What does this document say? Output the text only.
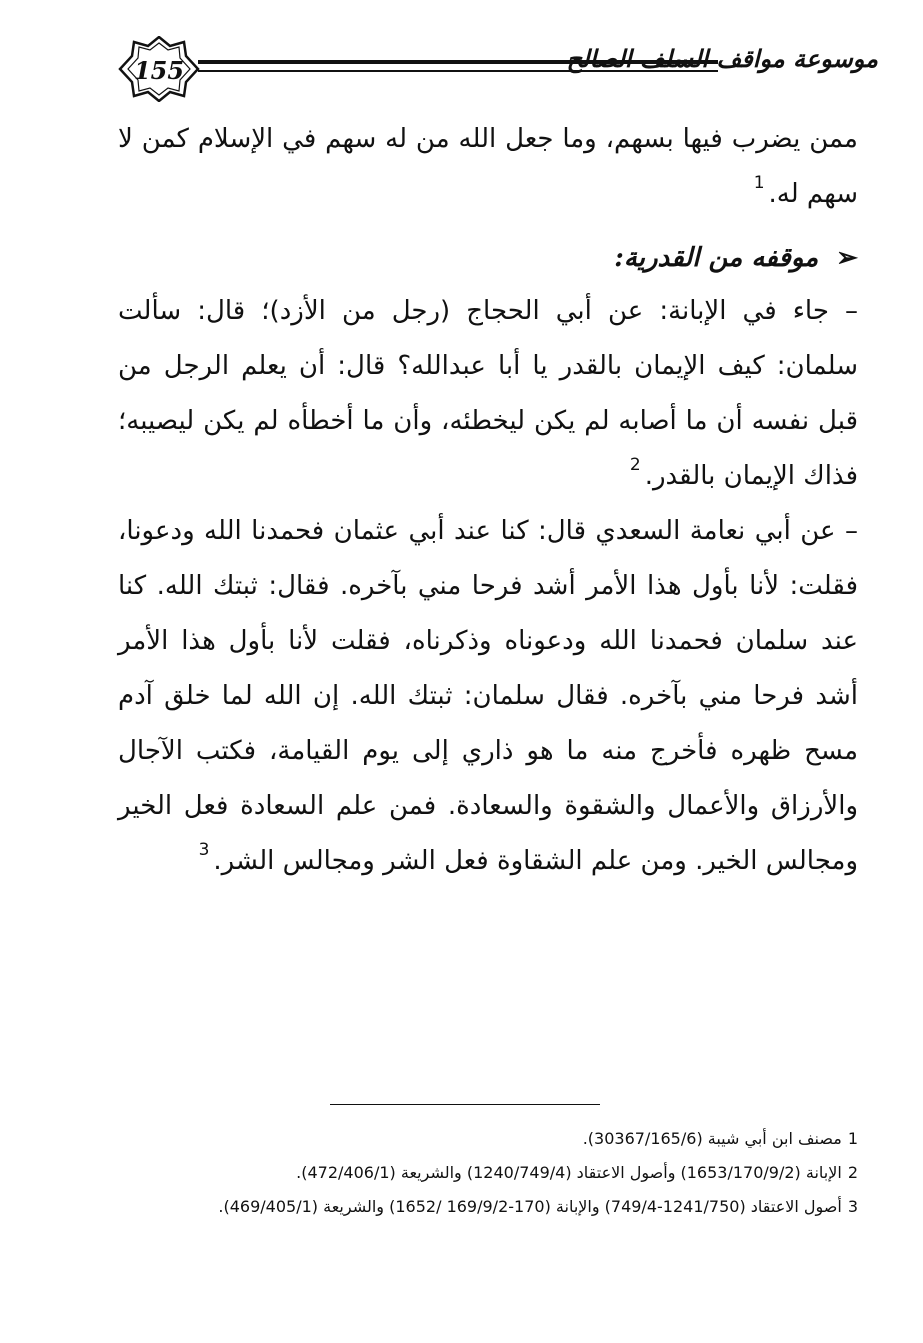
155	موسوعة مواقف السلف الصالح

ممن يضرب فيها بسهم، وما جعل الله من له سهم في الإسلام كمن لا سهم له.$^1$

➢موقفه من القدرية:

– جاء في الإبانة: عن أبي الحجاج (رجل من الأزد)؛ قال: سألت سلمان: كيف الإيمان بالقدر يا أبا عبدالله؟ قال: أن يعلم الرجل من قبل نفسه أن ما أصابه لم يكن ليخطئه، وأن ما أخطأه لم يكن ليصيبه؛ فذاك الإيمان بالقدر.$^2$

– عن أبي نعامة السعدي قال: كنا عند أبي عثمان فحمدنا الله ودعونا، فقلت: لأنا بأول هذا الأمر أشد فرحا مني بآخره. فقال: ثبتك الله. كنا عند سلمان فحمدنا الله ودعوناه وذكرناه، فقلت لأنا بأول هذا الأمر أشد فرحا مني بآخره. فقال سلمان: ثبتك الله. إن الله لما خلق آدم مسح ظهره فأخرج منه ما هو ذاري إلى يوم القيامة، فكتب الآجال والأرزاق والأعمال والشقوة والسعادة. فمن علم السعادة فعل الخير ومجالس الخير. ومن علم الشقاوة فعل الشر ومجالس الشر.$^3$

1مصنف ابن أبي شيبة (30367/165/6).

2الإبانة (1653/170/9/2) وأصول الاعتقاد (1240/749/4) والشريعة (472/406/1).

3أصول الاعتقاد (1241/750-749/4) والإبانة (170-169/9/2 /1652) والشريعة (469/405/1).
